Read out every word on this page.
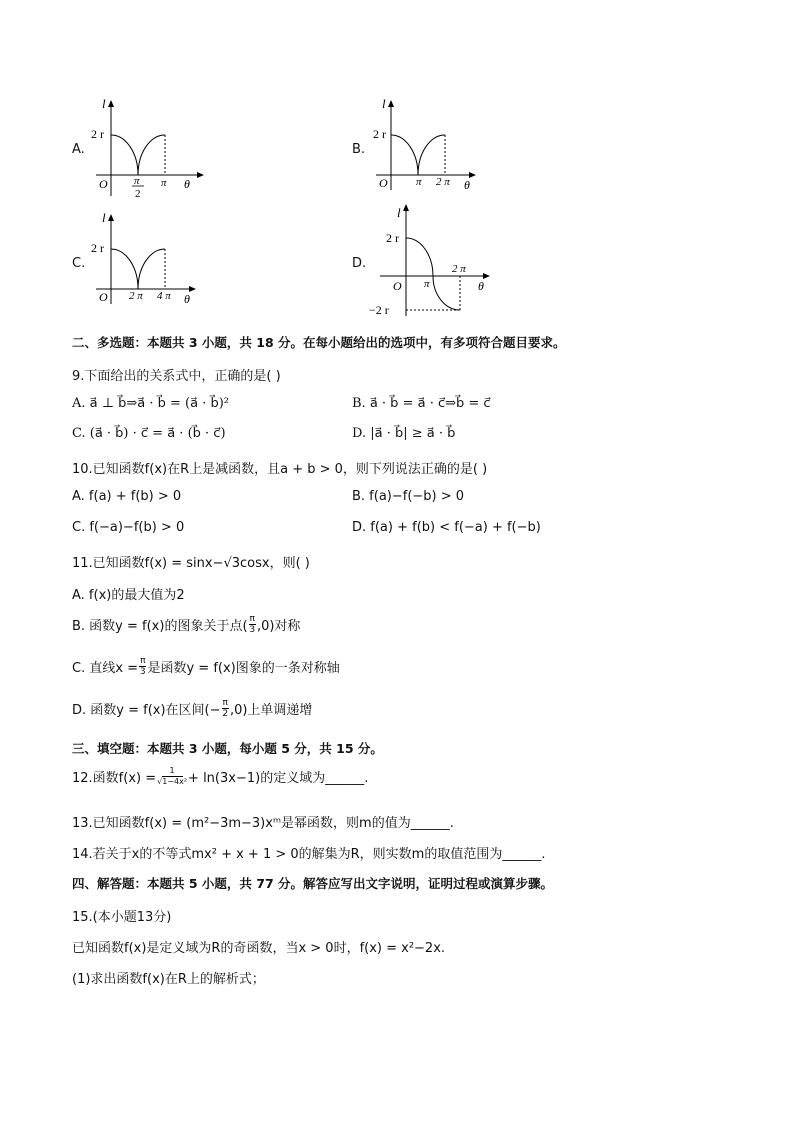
A.
l
2 r
O π
2
π θ
B.
l
2 r
O	π 2 π θ
C.
l
2 r
O 2 π 4 π θ
D.
l
2 r
O π
2 π
−2 r
θ
二、多选题：本题共 3 小题，共 18 分。在每小题给出的选项中，有多项符合题目要求。
9.下面给出的关系式中，正确的是( )
A. a⃗ ⊥ b⃗⇒a⃗ · b⃗ = (a⃗ · b⃗)²	B. a⃗ · b⃗ = a⃗ · c⃗⇒b⃗ = c⃗
C. (a⃗ · b⃗) · c⃗ = a⃗ · (b⃗ · c⃗)	D. |a⃗ · b⃗| ≥ a⃗ · b⃗
10.已知函数f(x)在R上是减函数，且a + b > 0，则下列说法正确的是( )
A. f(a) + f(b) > 0	B. f(a)−f(−b) > 0
C. f(−a)−f(b) > 0	D. f(a) + f(b) < f(−a) + f(−b)
11.已知函数f(x) = sinx−√3cosx，则( )
A. f(x)的最大值为2
B. 函数y = f(x)的图象关于点( $\frac{\pi}{3} ,0$)对称
C. 直线$x = \frac{\pi}{3}$ 是函数y = f(x)图象的一条对称轴
D. 函数y = f(x)在区间(− $\frac{\pi}{2} ,0$)上单调递增
三、填空题：本题共 3 小题，每小题 5 分，共 15 分。
12.函数$f(x) = \frac{1}{\text{√1−4x²}} + \ln(3x-1)$的定义域为______.
13.已知函数f(x) = (m²−3m−3)xᵐ是幂函数，则m的值为______.
14.若关于x的不等式mx² + x + 1 > 0的解集为R，则实数m的取值范围为______.
四、解答题：本题共 5 小题，共 77 分。解答应写出文字说明，证明过程或演算步骤。
15.(本小题13分)
已知函数f(x)是定义域为R的奇函数，当x > 0时，f(x) = x²−2x.
(1)求出函数f(x)在R上的解析式；
